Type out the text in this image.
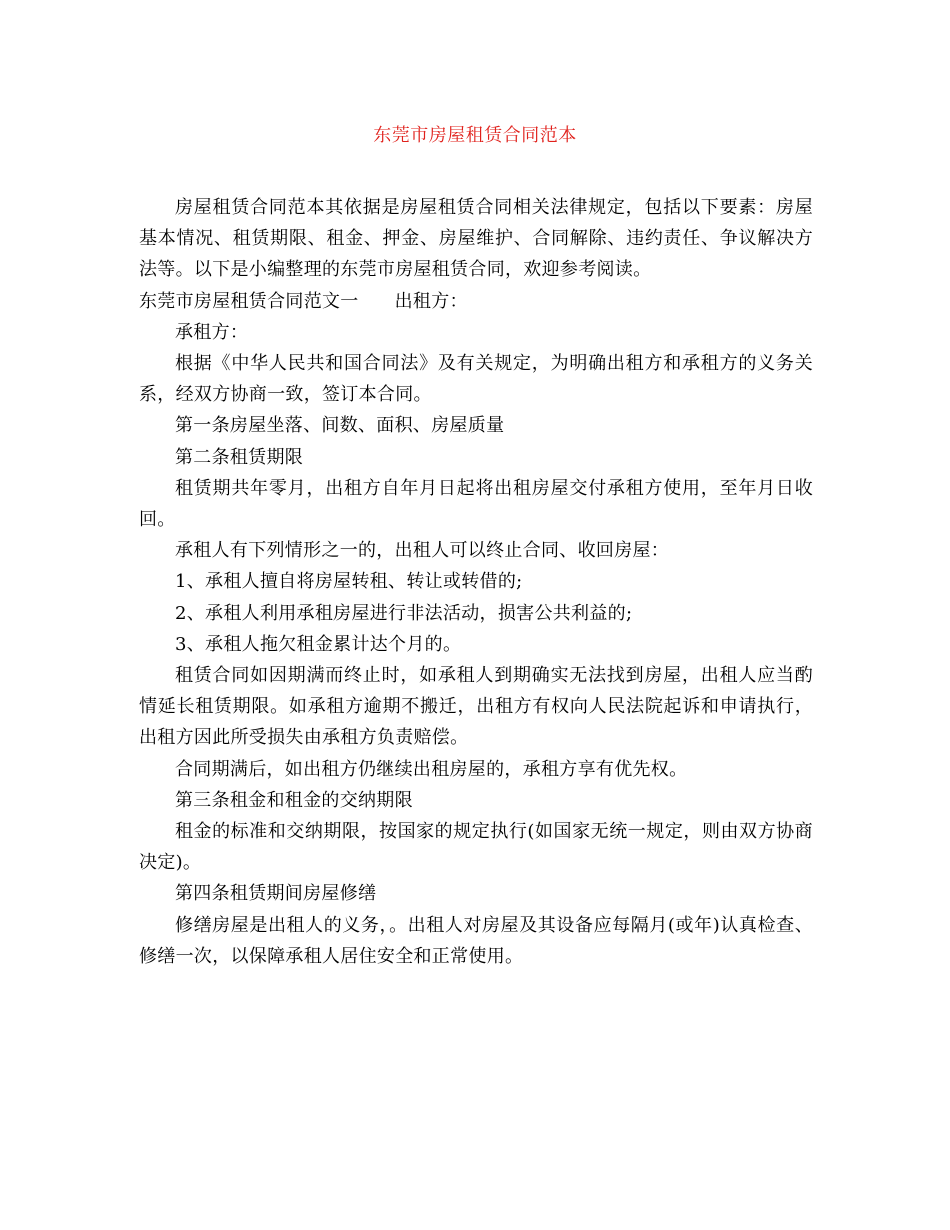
东莞市房屋租赁合同范本

房屋租赁合同范本其依据是房屋租赁合同相关法律规定，包括以下要素：房屋基本情况、租赁期限、租金、押金、房屋维护、合同解除、违约责任、争议解决方法等。以下是小编整理的东莞市房屋租赁合同，欢迎参考阅读。

东莞市房屋租赁合同范文一 出租方：

承租方：

根据《中华人民共和国合同法》及有关规定，为明确出租方和承租方的义务关系，经双方协商一致，签订本合同。

第一条房屋坐落、间数、面积、房屋质量

第二条租赁期限

租赁期共年零月，出租方自年月日起将出租房屋交付承租方使用，至年月日收回。

承租人有下列情形之一的，出租人可以终止合同、收回房屋：

1、承租人擅自将房屋转租、转让或转借的;

2、承租人利用承租房屋进行非法活动，损害公共利益的;

3、承租人拖欠租金累计达个月的。

租赁合同如因期满而终止时，如承租人到期确实无法找到房屋，出租人应当酌情延长租赁期限。如承租方逾期不搬迁，出租方有权向人民法院起诉和申请执行，出租方因此所受损失由承租方负责赔偿。

合同期满后，如出租方仍继续出租房屋的，承租方享有优先权。

第三条租金和租金的交纳期限

租金的标准和交纳期限，按国家的规定执行(如国家无统一规定，则由双方协商决定)。

第四条租赁期间房屋修缮

修缮房屋是出租人的义务，。出租人对房屋及其设备应每隔月(或年)认真检查、修缮一次，以保障承租人居住安全和正常使用。
